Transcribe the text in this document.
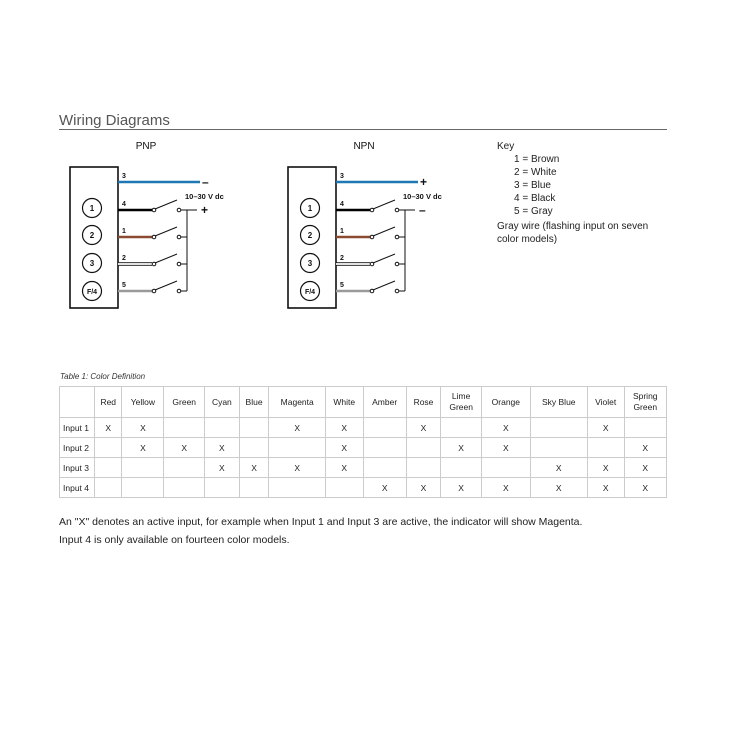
Wiring Diagrams
PNP
1
2
3
F/4
3
4
1
2
5
–
+
10–30 V dc
NPN
1
2
3
F/4
3
4
1
2
5
+
–
10–30 V dc

Key

1 = Brown
2 = White
3 = Blue
4 = Black
5 = Gray

Gray wire (flashing input on seven color models)

Table 1: Color Definition
	Red	Yellow	Green	Cyan	Blue	Magenta	White	Amber	Rose	Lime
Green	Orange	Sky Blue	Violet	Spring
Green
Input 1	X	X				X	X		X		X		X	
Input 2		X	X	X			X			X	X			X
Input 3				X	X	X	X					X	X	X
Input 4								X	X	X	X	X	X	X

An "X" denotes an active input, for example when Input 1 and Input 3 are active, the indicator will show Magenta.

Input 4 is only available on fourteen color models.
